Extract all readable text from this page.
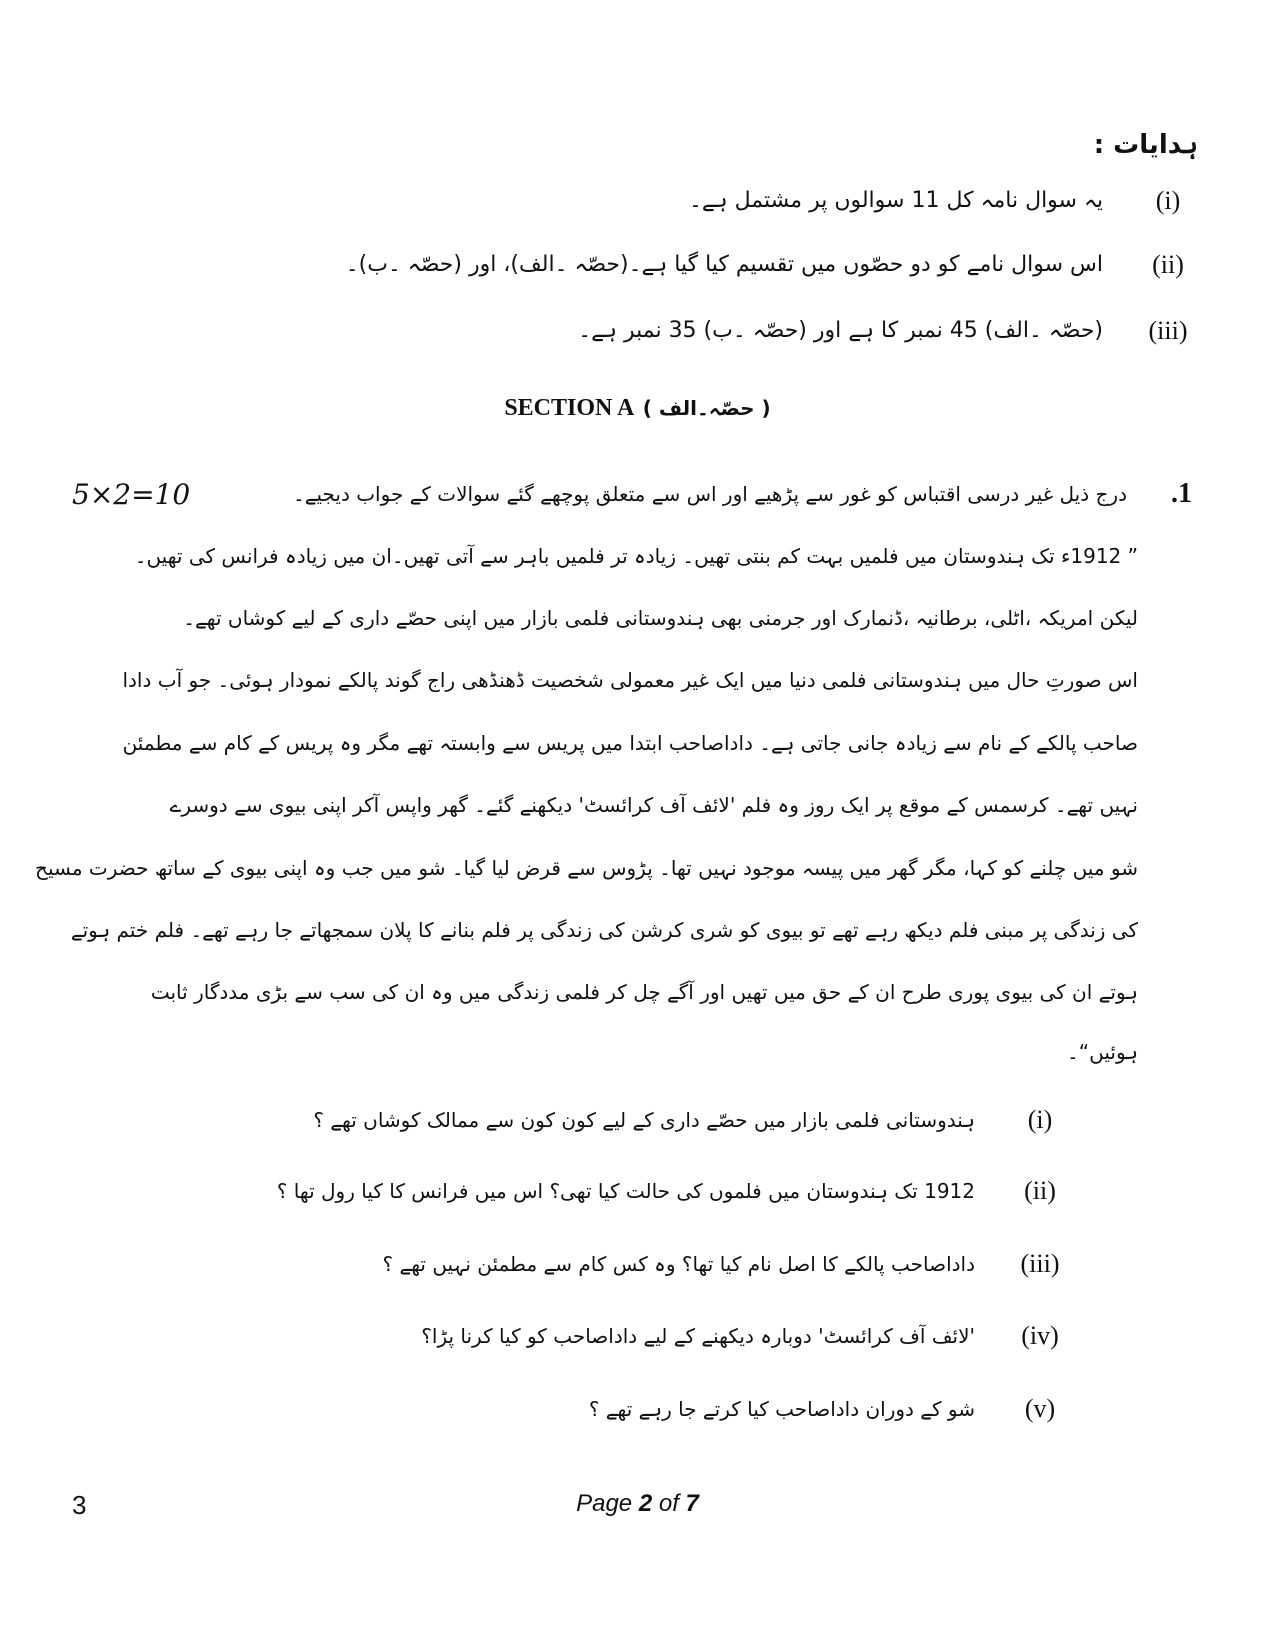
ہدایات :
(i)
یہ سوال نامہ کل 11 سوالوں پر مشتمل ہے۔
(ii)
اس سوال نامے کو دو حصّوں میں تقسیم کیا گیا ہے۔(حصّہ ۔الف)، اور (حصّہ ۔ب)۔
(iii)
(حصّہ ۔الف) 45 نمبر کا ہے اور (حصّہ ۔ب) 35 نمبر ہے۔
SECTION A ( حصّہ۔الف )
.1
درج ذیل غیر درسی اقتباس کو غور سے پڑھیے اور اس سے متعلق پوچھے گئے سوالات کے جواب دیجیے۔
5×2=10
” 1912ء تک ہندوستان میں فلمیں بہت کم بنتی تھیں۔ زیادہ تر فلمیں باہر سے آتی تھیں۔ان میں زیادہ فرانس کی تھیں۔
لیکن امریکہ ،اٹلی، برطانیہ ،ڈنمارک اور جرمنی بھی ہندوستانی فلمی بازار میں اپنی حصّے داری کے لیے کوشاں تھے۔
اس صورتِ حال میں ہندوستانی فلمی دنیا میں ایک غیر معمولی شخصیت ڈھنڈھی راج گوند پالکے نمودار ہوئی۔ جو آب دادا
صاحب پالکے کے نام سے زیادہ جانی جاتی ہے۔ داداصاحب ابتدا میں پریس سے وابستہ تھے مگر وہ پریس کے کام سے مطمئن
نہیں تھے۔ کرسمس کے موقع پر ایک روز وہ فلم 'لائف آف کرائسٹ' دیکھنے گئے۔ گھر واپس آکر اپنی بیوی سے دوسرے
شو میں چلنے کو کہا، مگر گھر میں پیسہ موجود نہیں تھا۔ پڑوس سے قرض لیا گیا۔ شو میں جب وہ اپنی بیوی کے ساتھ حضرت مسیح
کی زندگی پر مبنی فلم دیکھ رہے تھے تو بیوی کو شری کرشن کی زندگی پر فلم بنانے کا پلان سمجھاتے جا رہے تھے۔ فلم ختم ہوتے
ہوتے ان کی بیوی پوری طرح ان کے حق میں تھیں اور آگے چل کر فلمی زندگی میں وہ ان کی سب سے بڑی مددگار ثابت
ہوئیں“۔
(i)
ہندوستانی فلمی بازار میں حصّے داری کے لیے کون کون سے ممالک کوشاں تھے ؟
(ii)
1912 تک ہندوستان میں فلموں کی حالت کیا تھی؟ اس میں فرانس کا کیا رول تھا ؟
(iii)
داداصاحب پالکے کا اصل نام کیا تھا؟ وہ کس کام سے مطمئن نہیں تھے ؟
(iv)
'لائف آف کرائسٹ' دوبارہ دیکھنے کے لیے داداصاحب کو کیا کرنا پڑا؟
(v)
شو کے دوران داداصاحب کیا کرتے جا رہے تھے ؟
3	Page 2 of 7
